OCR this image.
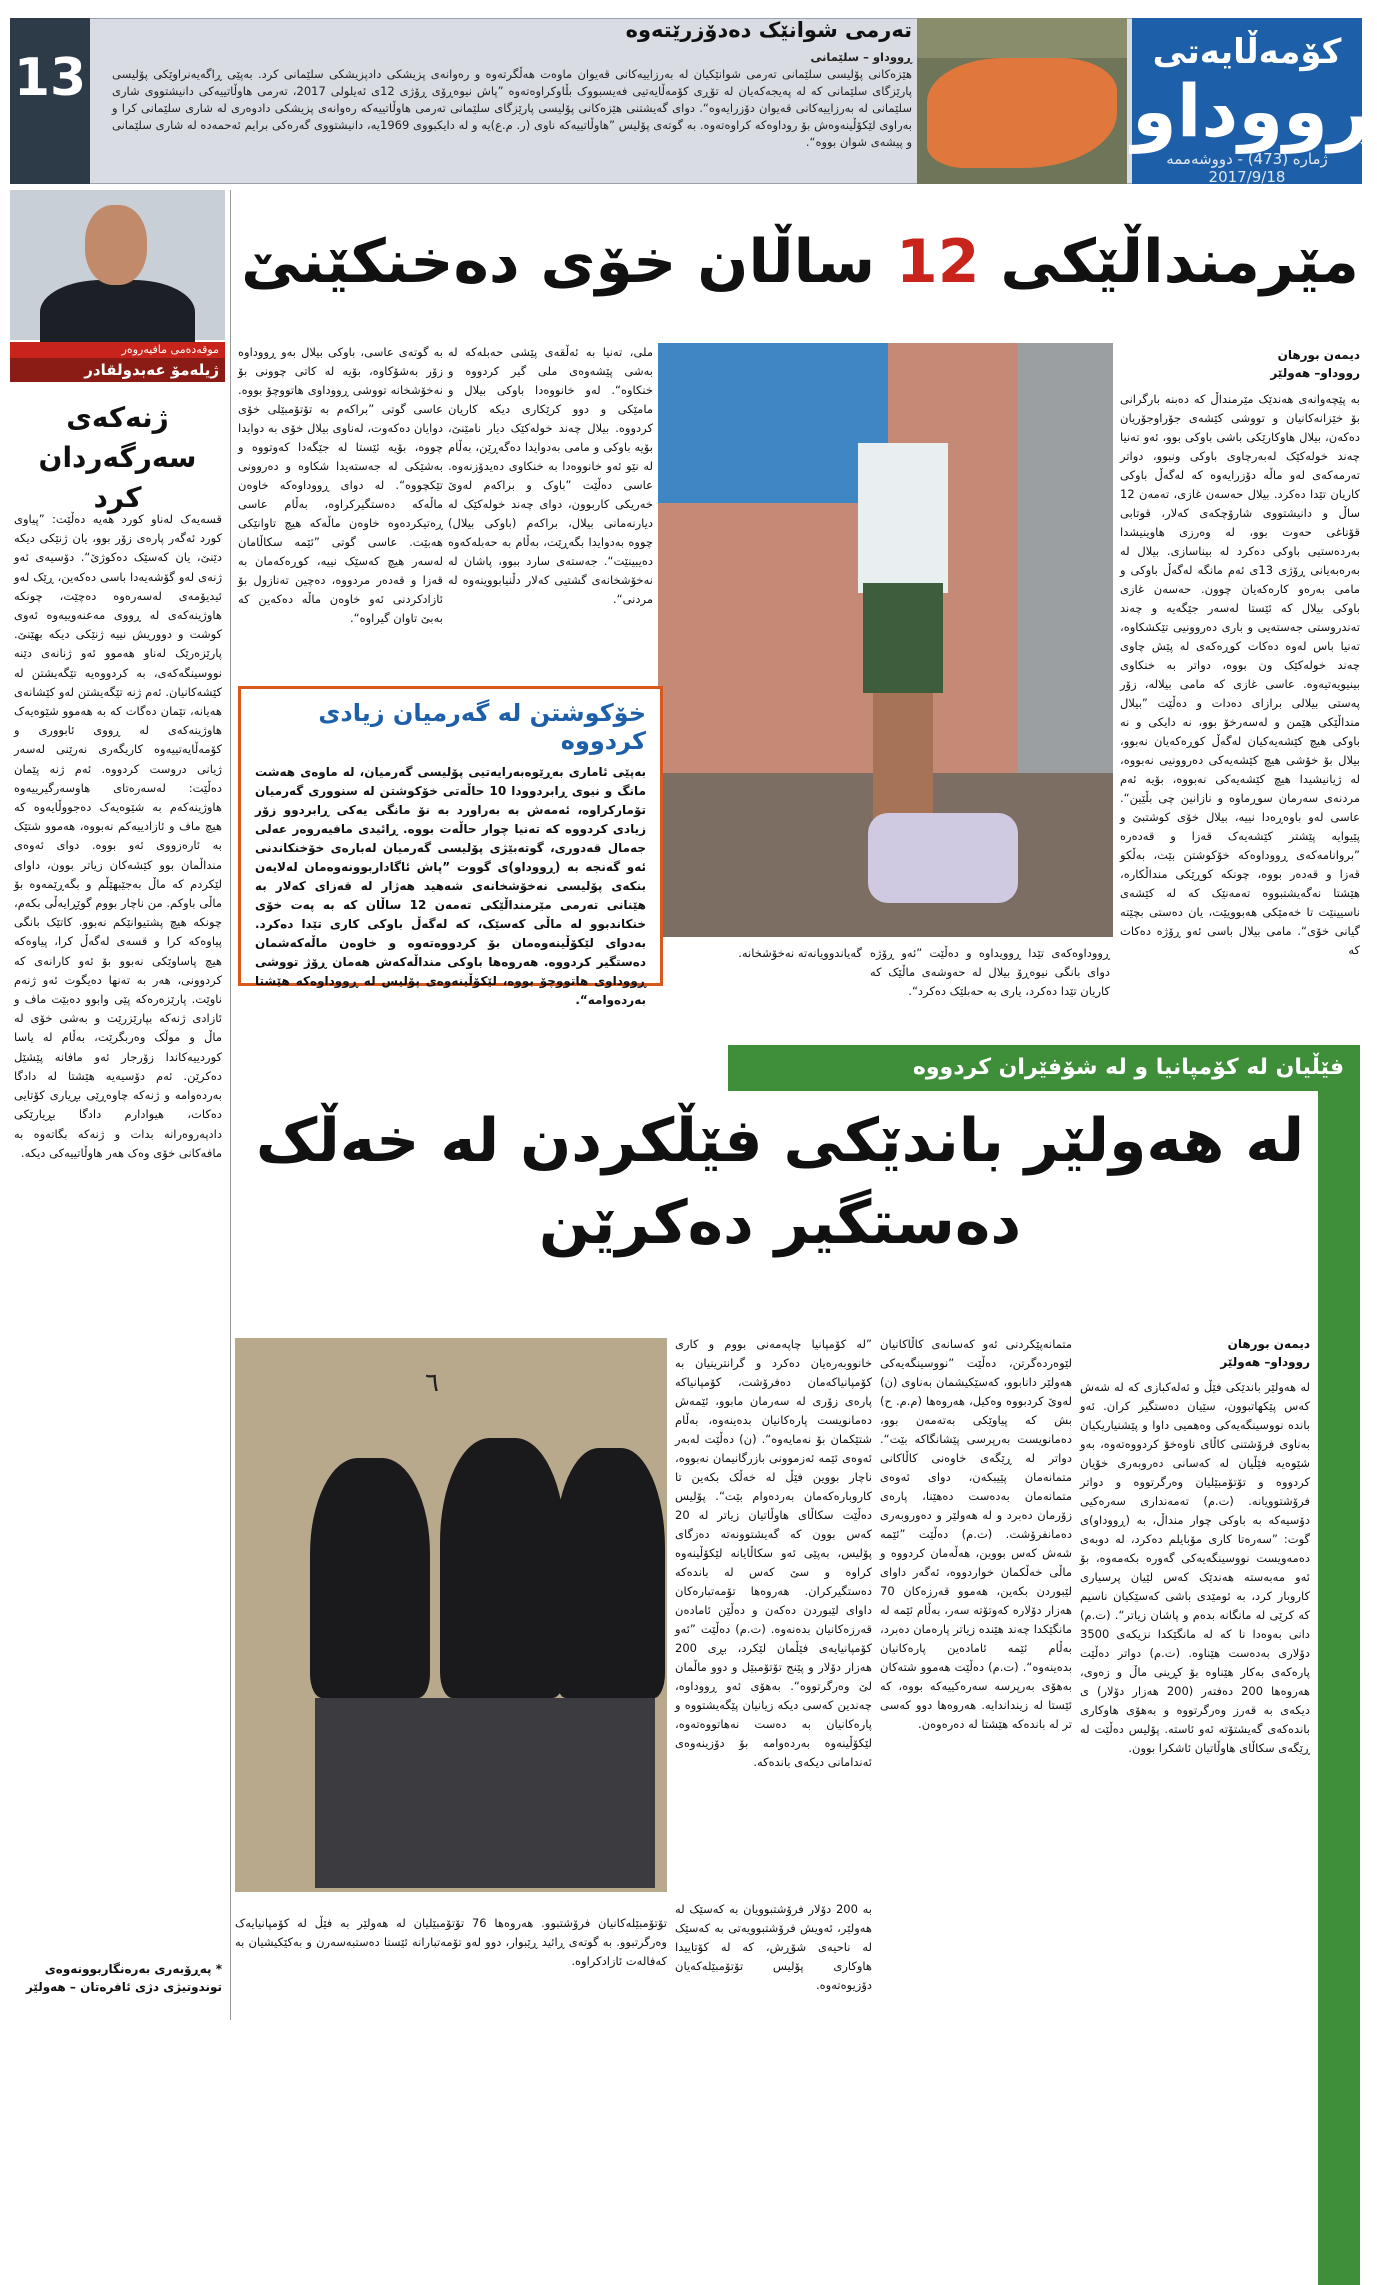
13	كۆمەڵایەتی
ڕووداو
ژمارە (473) - دووشەممە 2017/9/18
تەرمی شوانێک دەدۆزرێتەوە
ڕووداو – سلێمانی
هێزەکانی پۆلیسی سلێمانی تەرمی شوانێکیان لە بەرزاییەکانی قەیوان ماوەت هەڵگرتەوە و رەوانەی پزیشکی دادپزیشکی سلێمانی کرد. بەپێی ڕاگەیەنراوێکی پۆلیسی پارێزگای سلێمانی کە لە پەیجەکەیان لە تۆڕی کۆمەڵایەتیی فەیسبووک بڵاوکراوەتەوە ”پاش نیوەڕۆی ڕۆژی 12ی ئەیلولی 2017، تەرمی هاوڵاتییەکی دانیشتووی شاری سلێمانی لە بەرزاییەکانی قەیوان دۆزرایەوە“. دوای گەیشتنی هێزەکانی پۆلیسی پارێزگای سلێمانی تەرمی هاوڵاتییەکە رەوانەی پزیشکی دادوەری لە شاری سلێمانی کرا و بەراوی لێکۆڵینەوەش بۆ روداوەکە کراوەتەوە. بە گوتەی پۆلیس ”هاوڵاتییەکە ناوی (ر. م.ع)یە و لە دایکبووی 1969یە، دانیشتووی گەرەکی برایم ئەحمەدە لە شاری سلێمانی و پیشەی شوان بووە“.
موقەدەمی مافیەروەر
ژیلەمۆ عەبدولقادر
ژنەکەی سەرگەردان کرد
قسەیەک لەناو کورد هەیە دەڵێت: ”پیاوی کورد ئەگەر پارەی زۆر بوو، یان ژنێکی دیکە دێنێ، یان کەسێک دەکوژێ“. دۆسیەی ئەو ژنەی لەو گۆشەیەدا باسی دەکەین، ڕێک لەو ئیدیۆمەی لەسەرەوە دەچێت، چونکە هاوژینەکەی لە ڕووی مەعنەوییەوە ئەوی کوشت و دووریش نییە ژنێکی دیکە بهێنێ. پارێزەرێک لەناو هەموو ئەو ژنانەی دێنە نووسینگەکەی، بە کردووەیە تێگەیشتن لە کێشەکانیان. ئەم ژنە تێگەیشتن لەو کێشانەی هەیانە، تێمان دەگات کە بە هەموو شێوەیەک هاوژینەکەی لە ڕووی ئابووری و کۆمەڵایەتییەوە کاریگەری نەرێنی لەسەر ژیانی دروست کردووە. ئەم ژنە پێمان دەڵێت: لەسەرەتای هاوسەرگیرییەوە هاوژینەکەم بە شێوەیەک دەجووڵایەوە کە هیچ ماف و ئازادییەکم نەبووە، هەموو شتێک بە ئارەزووی ئەو بووە. دوای ئەوەی منداڵمان بوو کێشەکان زیاتر بوون، داوای لێکردم کە ماڵ بەجێبهێڵم و بگەڕێمەوە بۆ ماڵی باوکم. من ناچار بووم گوێڕایەڵی بکەم، چونکە هیچ پشتیوانێکم نەبوو. کاتێک بانگی پیاوەکە کرا و قسەی لەگەڵ کرا، پیاوەکە هیچ پاساوێکی نەبوو بۆ ئەو کارانەی کە کردوونی، هەر بە تەنها دەیگوت ئەو ژنەم ناوێت. پارێزەرەکە پێی وابوو دەبێت ماف و ئازادی ژنەکە بپارێزرێت و بەشی خۆی لە ماڵ و موڵک وەربگرێت، بەڵام لە یاسا کوردییەکاندا زۆرجار ئەو مافانە پێشێل دەکرێن. ئەم دۆسیەیە هێشتا لە دادگا بەردەوامە و ژنەکە چاوەڕێی بڕیاری کۆتایی دەکات، هیوادارم دادگا بڕیارێکی دادپەروەرانە بدات و ژنەکە بگاتەوە بە مافەکانی خۆی وەک هەر هاوڵاتییەکی دیکە.
* پەڕۆبەری بەرەنگاربوونەوەی توندوتیژی دژی ئافرەتان – هەولێر
مێرمنداڵێکی 12 ساڵان خۆی دەخنکێنێ
دیمەن بورهان
رووداو– هەولێر
بە پێچەوانەی هەندێک مێرمنداڵ کە دەبنە بارگرانی بۆ خێزانەکانیان و تووشی کێشەی جۆراوجۆریان دەکەن، بیلال هاوکارێکی باشی باوکی بوو، ئەو تەنیا چەند خولەکێک لەبەرچاوی باوکی ونبوو، دواتر تەرمەکەی لەو ماڵە دۆزرایەوە کە لەگەڵ باوکی کاریان تێدا دەکرد. بیلال حەسەن غازی، تەمەن 12 ساڵ و دانیشتووی شارۆچکەی کەلار، قوتابی قۆناغی حەوت بوو، لە وەرزی هاوینیشدا بەردەستیی باوکی دەکرد لە بیناسازی. بیلال لە بەرەبەیانی ڕۆژی 13ی ئەم مانگە لەگەڵ باوکی و مامی بەرەو کارەکەیان چوون. حەسەن غازی باوکی بیلال کە ئێستا لەسەر جێگەیە و چەند تەندروستی جەستەیی و باری دەروونیی تێکشکاوە، تەنیا باس لەوە دەکات کوڕەکەی لە پێش چاوی چەند خولەکێک ون بووە، دواتر بە خنکاوی بینیویەتیەوە. عاسی غازی کە مامی بیلالە، زۆر پەستی بیلالی برازای دەدات و دەڵێت ”بیلال منداڵێکی هێمن و لەسەرخۆ بوو، نە دایکی و نە باوکی هیچ کێشەیەکیان لەگەڵ کوڕەکەیان نەبوو، بیلال بۆ خۆشی هیچ کێشەیەکی دەروونیی نەبووە، لە ژیانیشیدا هیچ کێشەیەکی نەبووە، بۆیە ئەم مردنەی سەرمان سوڕماوە و نازانین چی بڵێین“. عاسی لەو باوەڕەدا نییە، بیلال خۆی کوشتبێ و پێیوایە پێشتر کێشەیەک قەزا و قەدەرە ”بروانامەکەی ڕووداوەکە خۆکوشتن بێت، بەڵکو قەزا و قەدەر بووە، چونکە کوڕێکی منداڵکارە، هێشتا نەگەیشتبووە تەمەنێک کە لە کێشەی ناسیینێت تا خەمێکی هەبوویێت، یان دەستی بچێتە گیانی خۆی“. مامی بیلال باسی ئەو ڕۆژە دەکات کە
ڕووداوەکەی تێدا ڕوویداوە و دەڵێت ”ئەو ڕۆژە دوای بانگی نیوەڕۆ بیلال لە حەوشەی ماڵێک کە کاریان تێدا دەکرد، یاری بە حەبلێک دەکرد“.
گەیاندوویانەتە نەخۆشخانە.
ملی، تەنیا بە ئەڵقەی پێشی حەبلەکە لە بەشی پێشەوەی ملی گیر کردووە و خنکاوە“. لەو خانووەدا باوکی بیلال و مامێکی و دوو کرێکاری دیکە کاریان کردووە. بیلال چەند خولەکێک دیار نامێنێ، بۆیە باوکی و مامی بەدوایدا دەگەڕێن، بەڵام لە نێو ئەو خانووەدا بە خنکاوی دەیدۆزنەوە. عاسی دەڵێت ”باوک و براکەم لەوێ خەریکی کاربوون، دوای چەند خولەکێک لە دیارنەمانی بیلال، براکەم (باوکی بیلال) چووە بەدوایدا بگەڕێت، بەڵام بە حەبلەکەوە دەیبینێت“. جەستەی سارد ببوو، پاشان لە نەخۆشخانەی گشتیی کەلار دڵنیابووینەوە لە مردنی“.
بە گوتەی عاسی، باوکی بیلال بەو ڕووداوە زۆر بەشۆکاوە، بۆیە لە کاتی چوونی بۆ نەخۆشخانە تووشی ڕووداوی هاتووچۆ بووە. عاسی گوتی ”براکەم بە تۆتۆمبێلی خۆی دوایان دەکەوت، لەناوی بیلال خۆی بە دوایدا چووە، بۆیە ئێستا لە جێگەدا کەوتووە و بەشێکی لە جەستەیدا شکاوە و دەروونی تێکچووە“. لە دوای ڕووداوەکە خاوەن ماڵەکە دەستگیرکراوە، بەڵام عاسی ڕەتیکردەوە خاوەن ماڵەکە هیچ تاوانێکی هەبێت. عاسی گوتی ”ئێمە سکاڵامان لەسەر هیچ کەسێک نییە، کوڕەکەمان بە قەزا و قەدەر مردووە، دەچین تەنازول بۆ ئازادکردنی ئەو خاوەن ماڵە دەکەین کە بەبێ تاوان گیراوە“.
خۆکوشتن لە گەرمیان زیادی کردووە
بەپێی ئاماری بەڕێوەبەرایەتیی پۆلیسی گەرمیان، لە ماوەی هەشت مانگ و نیوی ڕابردوودا 10 حاڵەتی خۆکوشتن لە سنووری گەرمیان تۆمارکراوە، ئەمەش بە بەراورد بە نۆ مانگی یەکی ڕابردوو زۆر زیادی کردووە کە تەنیا چوار حاڵەت بووە. ڕائیدی مافیەروەر عەلی جەمال قەدوری، گوتەبێژی پۆلیسی گەرمیان لەبارەی خۆخنکاندنی ئەو گەنجە بە (ڕووداو)ی گووت ”پاش ئاگاداربوونەوەمان لەلایەن بنکەی پۆلیسی نەخۆشخانەی شەهید هەژار لە قەزای کەلار بە هێنانی تەرمی مێرمنداڵێکی تەمەن 12 ساڵان کە بە پەت خۆی خنکاندبوو لە ماڵی کەسێک، کە لەگەڵ باوکی کاری تێدا دەکرد. بەدوای لێکۆڵینەوەمان بۆ کردووەتەوە و خاوەن ماڵەکەشمان دەستگیر کردووە. هەروەها باوکی منداڵەکەش هەمان ڕۆژ تووشی ڕووداوی هاتووچۆ بووە، لێکۆڵینەوەی پۆلیس لە ڕووداوەکە هێشتا بەردەوامە“.
فێڵیان لە کۆمپانیا و لە شۆفێران کردووە
لە هەولێر باندێکی فێڵکردن لە خەڵک دەستگیر دەکرێن
دیمەن بورهان
رووداو– هەولێر
لە هەولێر باندێکی فێڵ و ئەلەکبازی کە لە شەش کەس پێکهاتبوون، سێیان دەستگیر کران. ئەو باندە نووسینگەیەکی وەهمیی داوا و پێشنیاریکیان بەناوی فرۆشتنی کاڵای ناوەخۆ کردووەتەوە، بەو شێوەیە فێڵیان لە کەسانی دەروبەری خۆیان کردووە و تۆتۆمبێلیان وەرگرتووە و دواتر فرۆشتوویانە. (ت.م) تەمەنداری سەرەکیی دۆسیەکە بە باوکی چوار منداڵ، بە (ڕووداو)ی گوت: ”سەرەتا کاری مۆبایلم دەکرد، لە دوبەی دەمەویست نووسینگەیەکی گەورە بکەمەوە، بۆ ئەو مەبەستە هەندێک کەس لێیان پرسیاری کاروبار کرد، بە ئومێدی باشی کەسێکیان ناسیم کە کرێی لە مانگانە بدەم و پاشان زیاتر“. (ت.م) دانی بەوەدا نا کە لە مانگێکدا نزیکەی 3500 دۆلاری بەدەست هێناوە. (ت.م) دواتر دەڵێت پارەکەی بەکار هێناوە بۆ کڕینی ماڵ و زەوی، هەروەها 200 دەفتەر (200 هەزار دۆلار) ی دیکەی بە قەرز وەرگرتووە و بەهۆی هاوکاری باندەکەی گەیشتۆتە ئەو ئاستە. پۆلیس دەڵێت لە ڕێگەی سکاڵای هاوڵاتیان ئاشکرا بوون.
متمانەپێکردنی ئەو کەسانەی کاڵاکانیان لێوەردەگرتن، دەڵێت ”نووسینگەیەکی هەولێر دانابوو، کەسێکیشمان بەناوی (ن) لەوێ کردبووە وەکیل، هەروەها (م.م. ح) بش کە پیاوێکی بەتەمەن بوو، دەمانویست بەرپرسی پێشانگاکە بێت“. دواتر لە ڕێگەی خاوەنی کاڵاکانی متمانەمان پێیبکەن، دوای ئەوەی متمانەمان بەدەست دەهێنا، پارەی زۆرمان دەبرد و لە هەولێر و دەوروبەری دەمانفرۆشت. (ت.م) دەڵێت ”ئێمە شەش کەس بووین، هەڵەمان کردووە و ماڵی خەڵکمان خواردووە، ئەگەر داوای لێبوردن بکەین، هەموو قەرزەکان 70 هەزار دۆلارە کەوتۆتە سەر، بەڵام ئێمە لە مانگێکدا چەند هێندە زیاتر پارەمان دەبرد، بەڵام ئێمە ئامادەین پارەکانیان بدەینەوە“. (ت.م) دەڵێت هەموو شتەکان بەهۆی بەرپرسە سەرەکییەکە بووە، کە ئێستا لە زینداندایە. هەروەها دوو کەسی تر لە باندەکە هێشتا لە دەرەوەن.
”لە کۆمپانیا چاپەمەنی بووم و کاری خانووبەرەیان دەکرد و گرانترینیان بە کۆمپانیاکەمان دەفرۆشت، کۆمپانیاکە پارەی زۆری لە سەرمان مابوو، ئێمەش دەمانویست پارەکانیان بدەینەوە، بەڵام شتێکمان بۆ نەمایەوە“. (ن) دەڵێت لەبەر ئەوەی ئێمە ئەزموونی بازرگانیمان نەبووە، ناچار بووین فێڵ لە خەڵک بکەین تا کاروبارەکەمان بەردەوام بێت“. پۆلیس دەڵێت سکاڵای هاوڵاتیان زیاتر لە 20 کەس بوون کە گەیشتوونەتە دەزگای پۆلیس، بەپێی ئەو سکاڵایانە لێکۆڵینەوە کراوە و سێ کەس لە باندەکە دەستگیرکران. هەروەها تۆمەتبارەکان داوای لێبوردن دەکەن و دەڵێن ئامادەن قەرزەکانیان بدەنەوە. (ت.م) دەڵێت ”ئەو کۆمپانیایەی فێڵمان لێکرد، بڕی 200 هەزار دۆلار و پێنج تۆتۆمبێل و دوو ماڵمان لێ وەرگرتووە“. بەهۆی ئەو ڕووداوە، چەندین کەسی دیکە زیانیان پێگەیشتووە و پارەکانیان بە دەست نەهاتووەتەوە، لێکۆڵینەوە بەردەوامە بۆ دۆزینەوەی ئەندامانی دیکەی باندەکە.
بە 200 دۆلار فرۆشتبوویان بە کەسێک لە هەولێر، ئەویش فرۆشتبوویەتی بە کەسێک لە ناحیەی شۆڕش، کە لە کۆتاییدا هاوکاری پۆلیس تۆتۆمبێلەکەیان دۆزیوەتەوە.
٦
تۆتۆمبێلەکانیان فرۆشتبوو. هەروەها 76 تۆتۆمبێلیان لە هەولێر بە فێڵ لە کۆمپانیایەک وەرگرتبوو. بە گوتەی ڕائید ڕێبوار، دوو لەو تۆمەتبارانە ئێستا دەستبەسەرن و بەکێکیشیان بە کەفالەت ئازادکراوە.
